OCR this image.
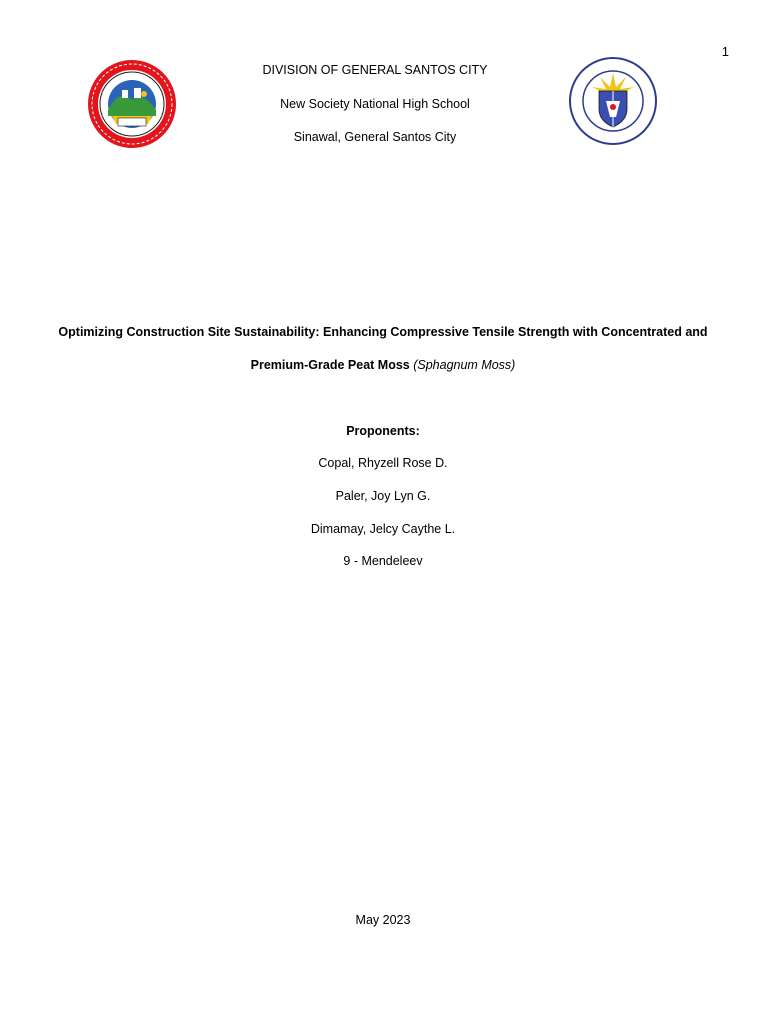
1
DIVISION OF GENERAL SANTOS CITY
New Society National High School
Sinawal, General Santos City
Optimizing Construction Site Sustainability: Enhancing Compressive Tensile Strength with Concentrated and
Premium-Grade Peat Moss (Sphagnum Moss)
Proponents:
Copal, Rhyzell Rose D.
Paler, Joy Lyn G.
Dimamay, Jelcy Caythe L.
9 - Mendeleev
May 2023
